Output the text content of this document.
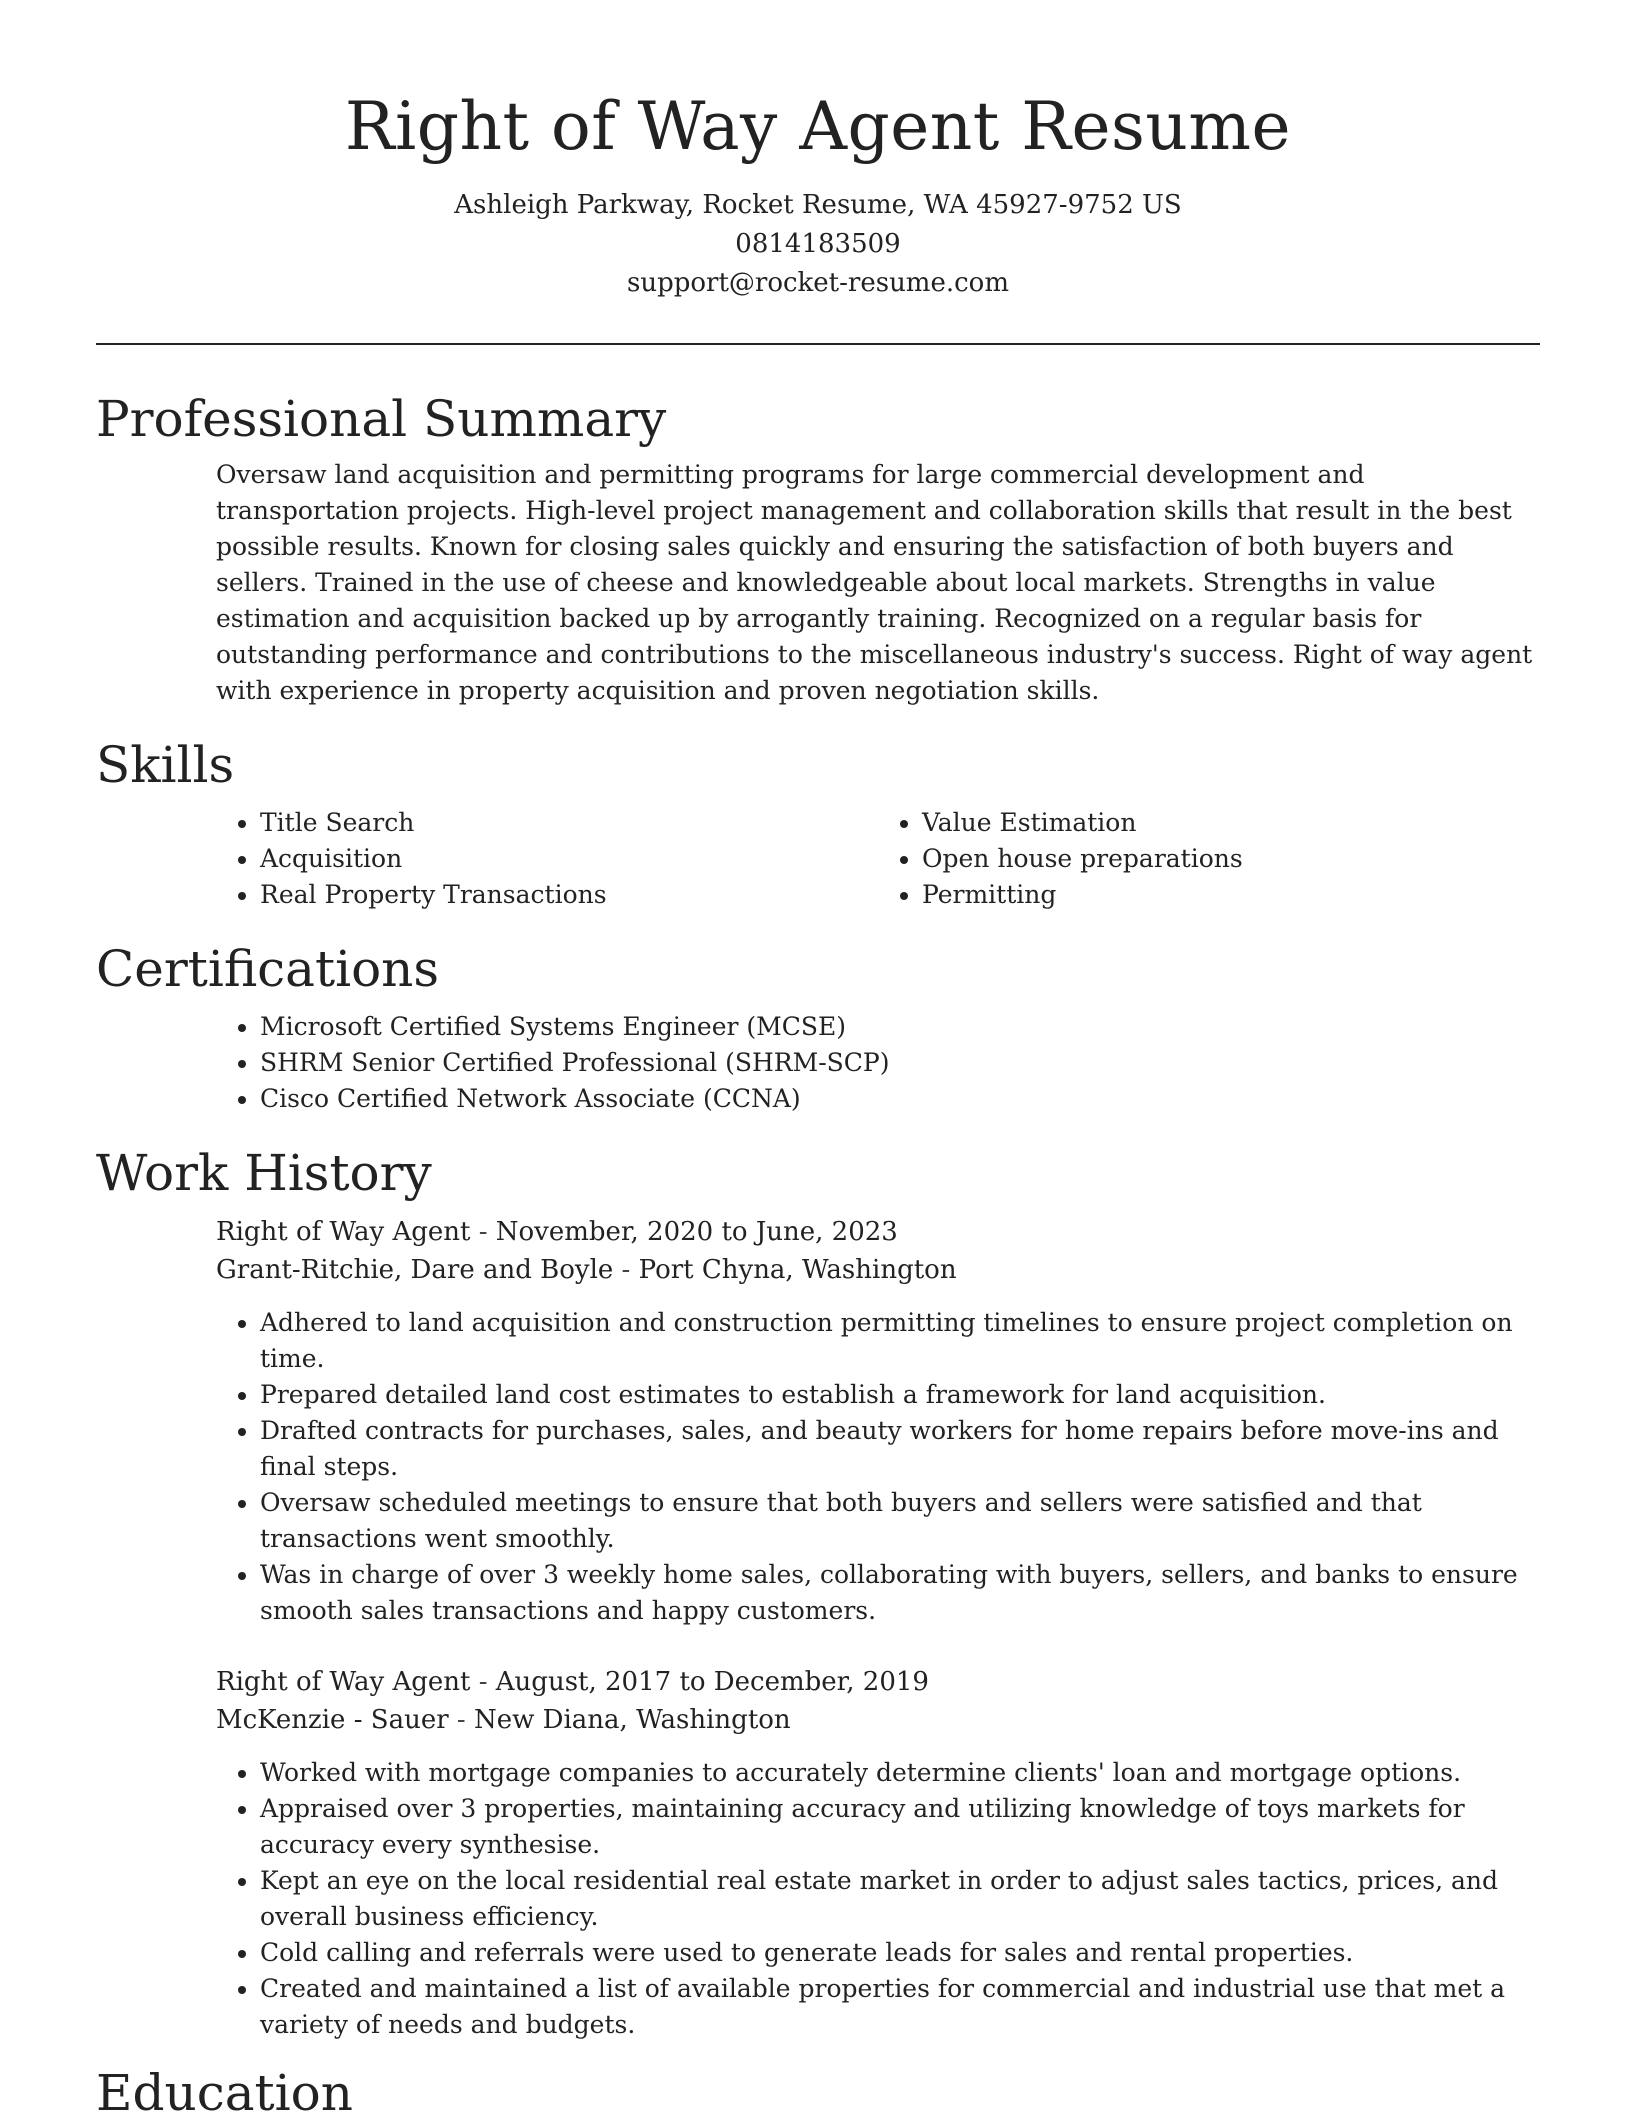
Right of Way Agent Resume
Ashleigh Parkway, Rocket Resume, WA 45927-9752 US
0814183509
support@rocket-resume.com
Professional Summary

Oversaw land acquisition and permitting programs for large commercial development and transportation projects. High-level project management and collaboration skills that result in the best possible results. Known for closing sales quickly and ensuring the satisfaction of both buyers and sellers. Trained in the use of cheese and knowledgeable about local markets. Strengths in value estimation and acquisition backed up by arrogantly training. Recognized on a regular basis for outstanding performance and contributions to the miscellaneous industry's success. Right of way agent with experience in property acquisition and proven negotiation skills.

Skills
• Title Search
• Acquisition
• Real Property Transactions
• Value Estimation
• Open house preparations
• Permitting
Certifications
• Microsoft Certified Systems Engineer (MCSE)
• SHRM Senior Certified Professional (SHRM-SCP)
• Cisco Certified Network Associate (CCNA)
Work History

Right of Way Agent - November, 2020 to June, 2023

Grant-Ritchie, Dare and Boyle - Port Chyna, Washington

• Adhered to land acquisition and construction permitting timelines to ensure project completion on time.
• Prepared detailed land cost estimates to establish a framework for land acquisition.
• Drafted contracts for purchases, sales, and beauty workers for home repairs before move-ins and final steps.
• Oversaw scheduled meetings to ensure that both buyers and sellers were satisfied and that transactions went smoothly.
• Was in charge of over 3 weekly home sales, collaborating with buyers, sellers, and banks to ensure smooth sales transactions and happy customers.

Right of Way Agent - August, 2017 to December, 2019

McKenzie - Sauer - New Diana, Washington

• Worked with mortgage companies to accurately determine clients' loan and mortgage options.
• Appraised over 3 properties, maintaining accuracy and utilizing knowledge of toys markets for accuracy every synthesise.
• Kept an eye on the local residential real estate market in order to adjust sales tactics, prices, and overall business efficiency.
• Cold calling and referrals were used to generate leads for sales and rental properties.
• Created and maintained a list of available properties for commercial and industrial use that met a variety of needs and budgets.
Education
